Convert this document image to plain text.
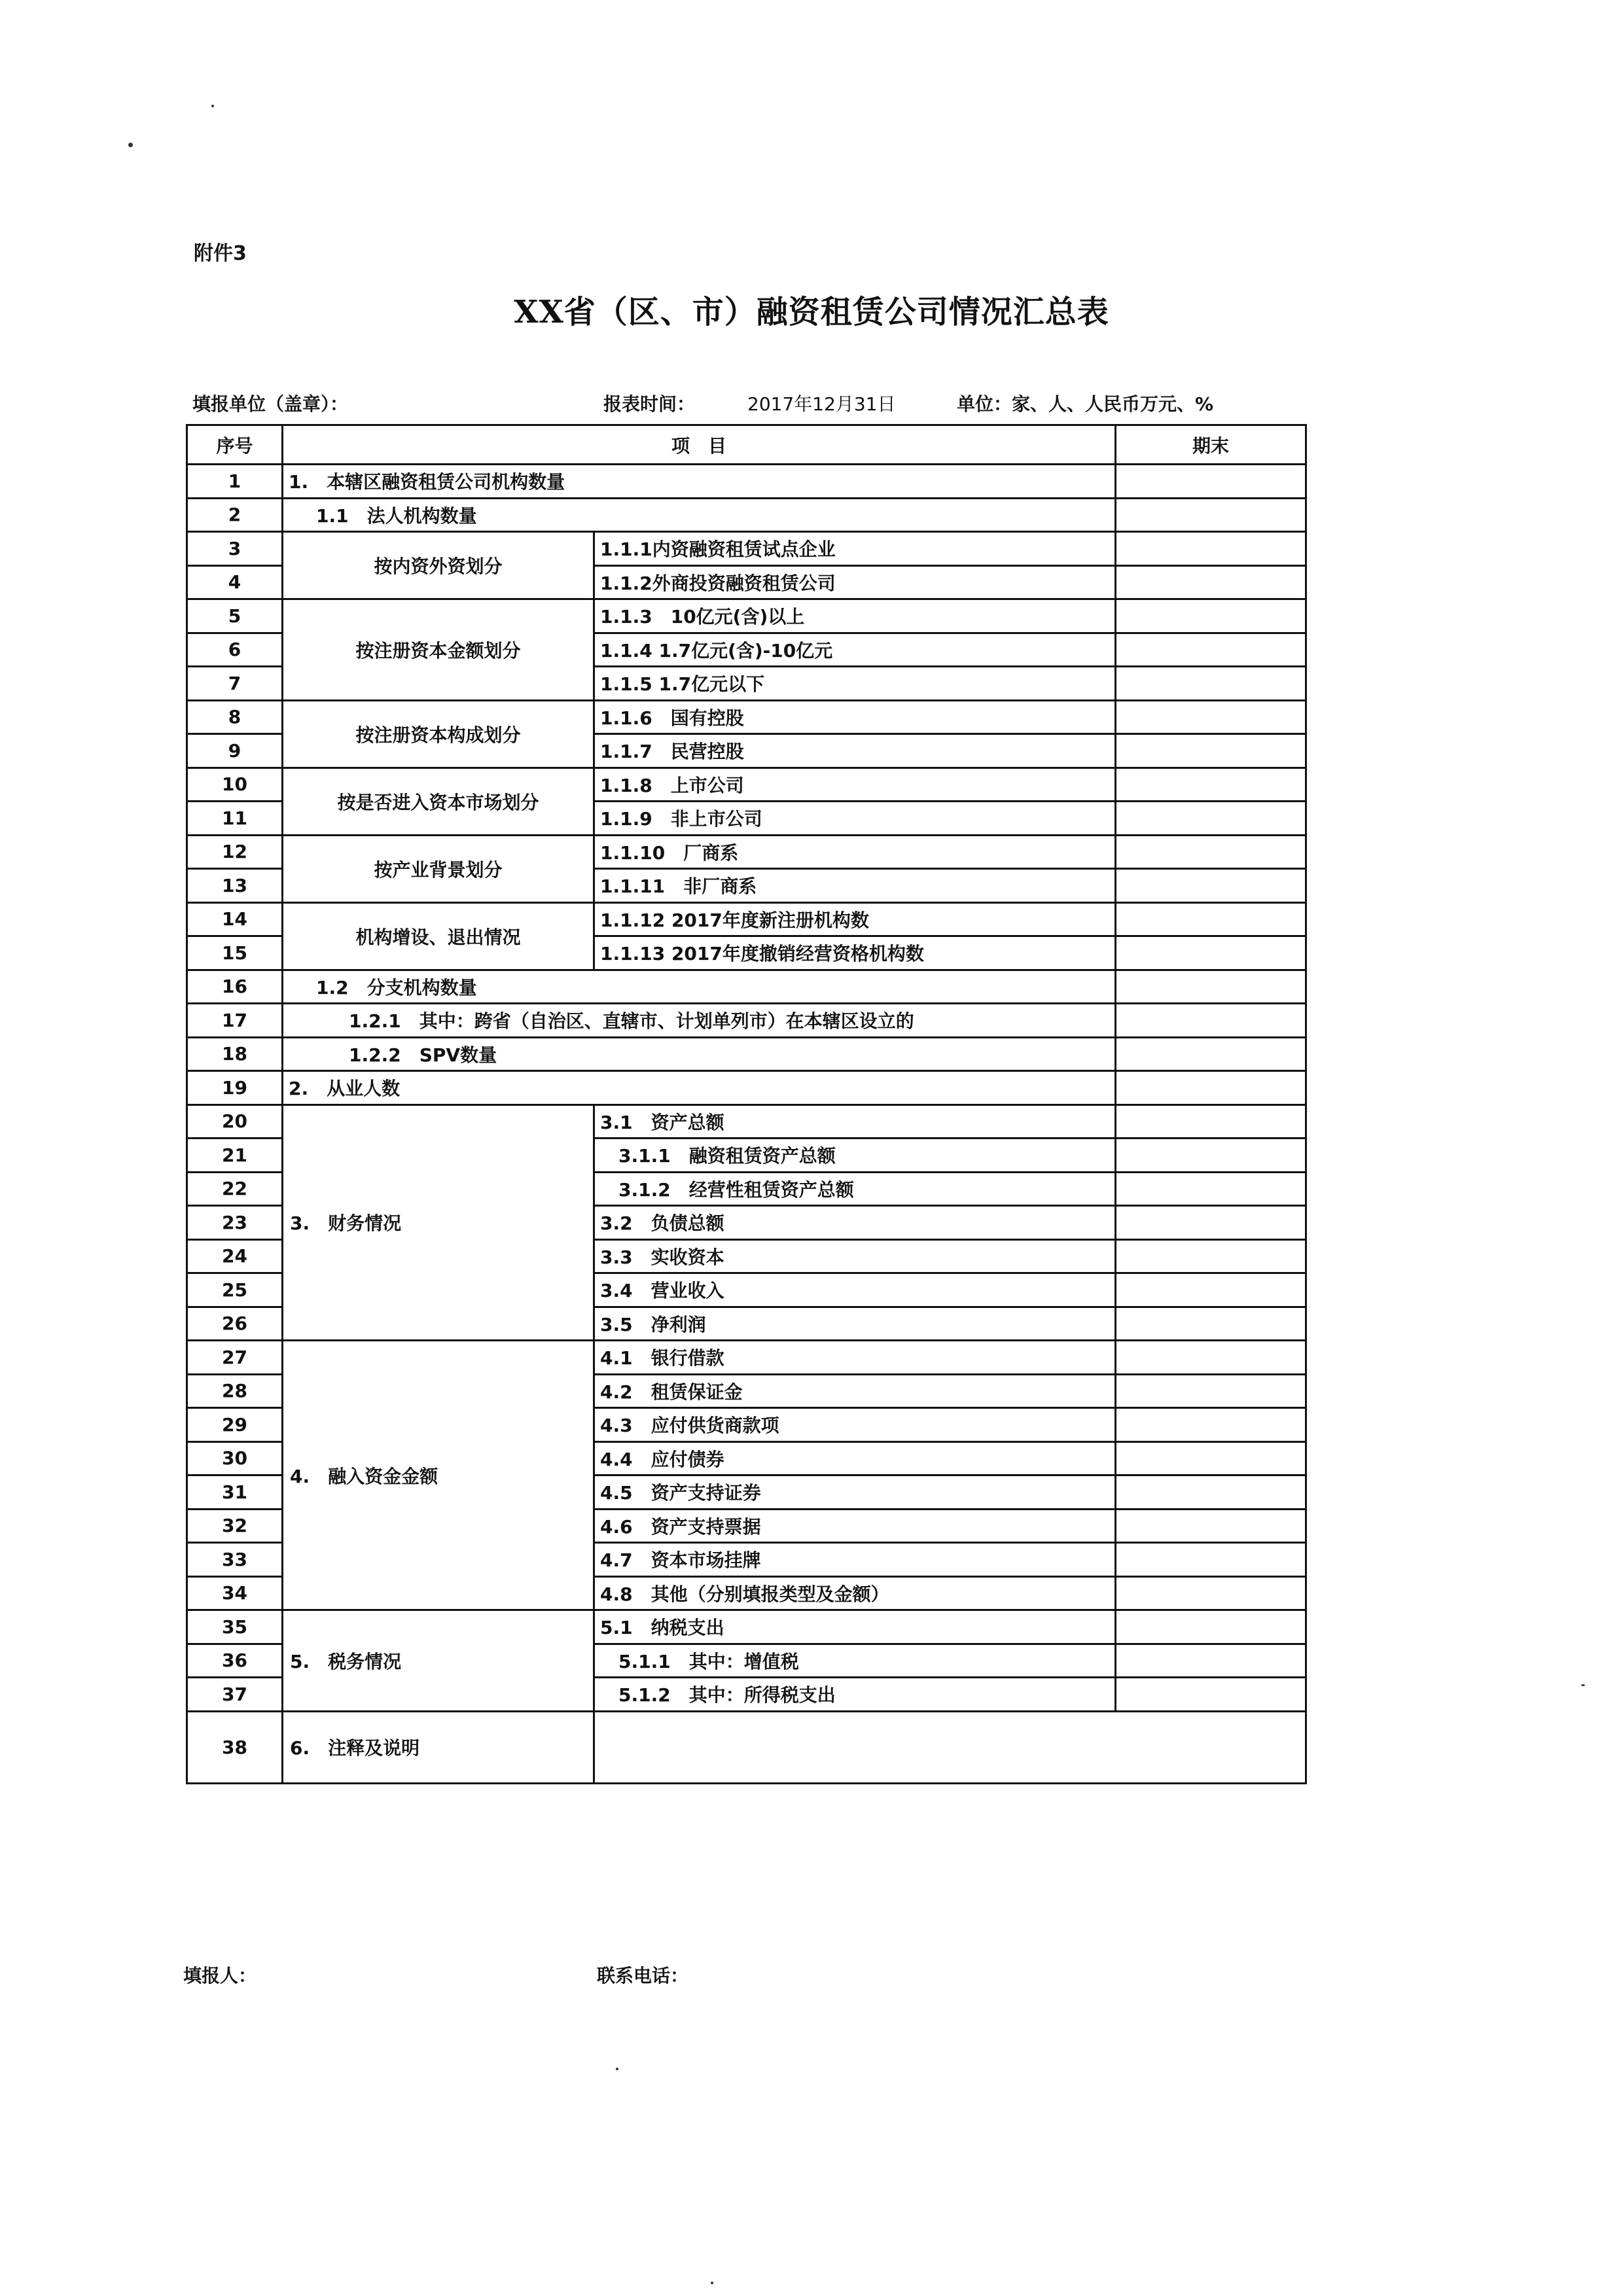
附件3
XX省（区、市）融资租赁公司情况汇总表
填报单位（盖章）：	报表时间：	2017年12月31日	单位：家、人、人民币万元、%
序号	项　目		期末
1	1.　本辖区融资租赁公司机构数量		
2	1.1　法人机构数量		
3	按内资外资划分	1.1.1内资融资租赁试点企业	
4		1.1.2外商投资融资租赁公司	
5	按注册资本金额划分	1.1.3　10亿元(含)以上	
6		1.1.4 1.7亿元(含)-10亿元	
7		1.1.5 1.7亿元以下	
8	按注册资本构成划分	1.1.6　国有控股	
9		1.1.7　民营控股	
10	按是否进入资本市场划分	1.1.8　上市公司	
11		1.1.9　非上市公司	
12	按产业背景划分	1.1.10　厂商系	
13		1.1.11　非厂商系	
14	机构增设、退出情况	1.1.12 2017年度新注册机构数	
15		1.1.13 2017年度撤销经营资格机构数	
16	1.2　分支机构数量		
17	1.2.1　其中：跨省（自治区、直辖市、计划单列市）在本辖区设立的		
18	1.2.2　SPV数量		
19	2.　从业人数		
20	3.　财务情况	3.1　资产总额	
21		3.1.1　融资租赁资产总额	
22		3.1.2　经营性租赁资产总额	
23		3.2　负债总额	
24		3.3　实收资本	
25		3.4　营业收入	
26		3.5　净利润	
27	4.　融入资金金额	4.1　银行借款	
28		4.2　租赁保证金	
29		4.3　应付供货商款项	
30		4.4　应付债券	
31		4.5　资产支持证券	
32		4.6　资产支持票据	
33		4.7　资本市场挂牌	
34		4.8　其他（分别填报类型及金额）	
35	5.　税务情况	5.1　纳税支出	
36		5.1.1　其中：增值税	
37		5.1.2　其中：所得税支出	
38	6.　注释及说明		
填报人：	联系电话：
